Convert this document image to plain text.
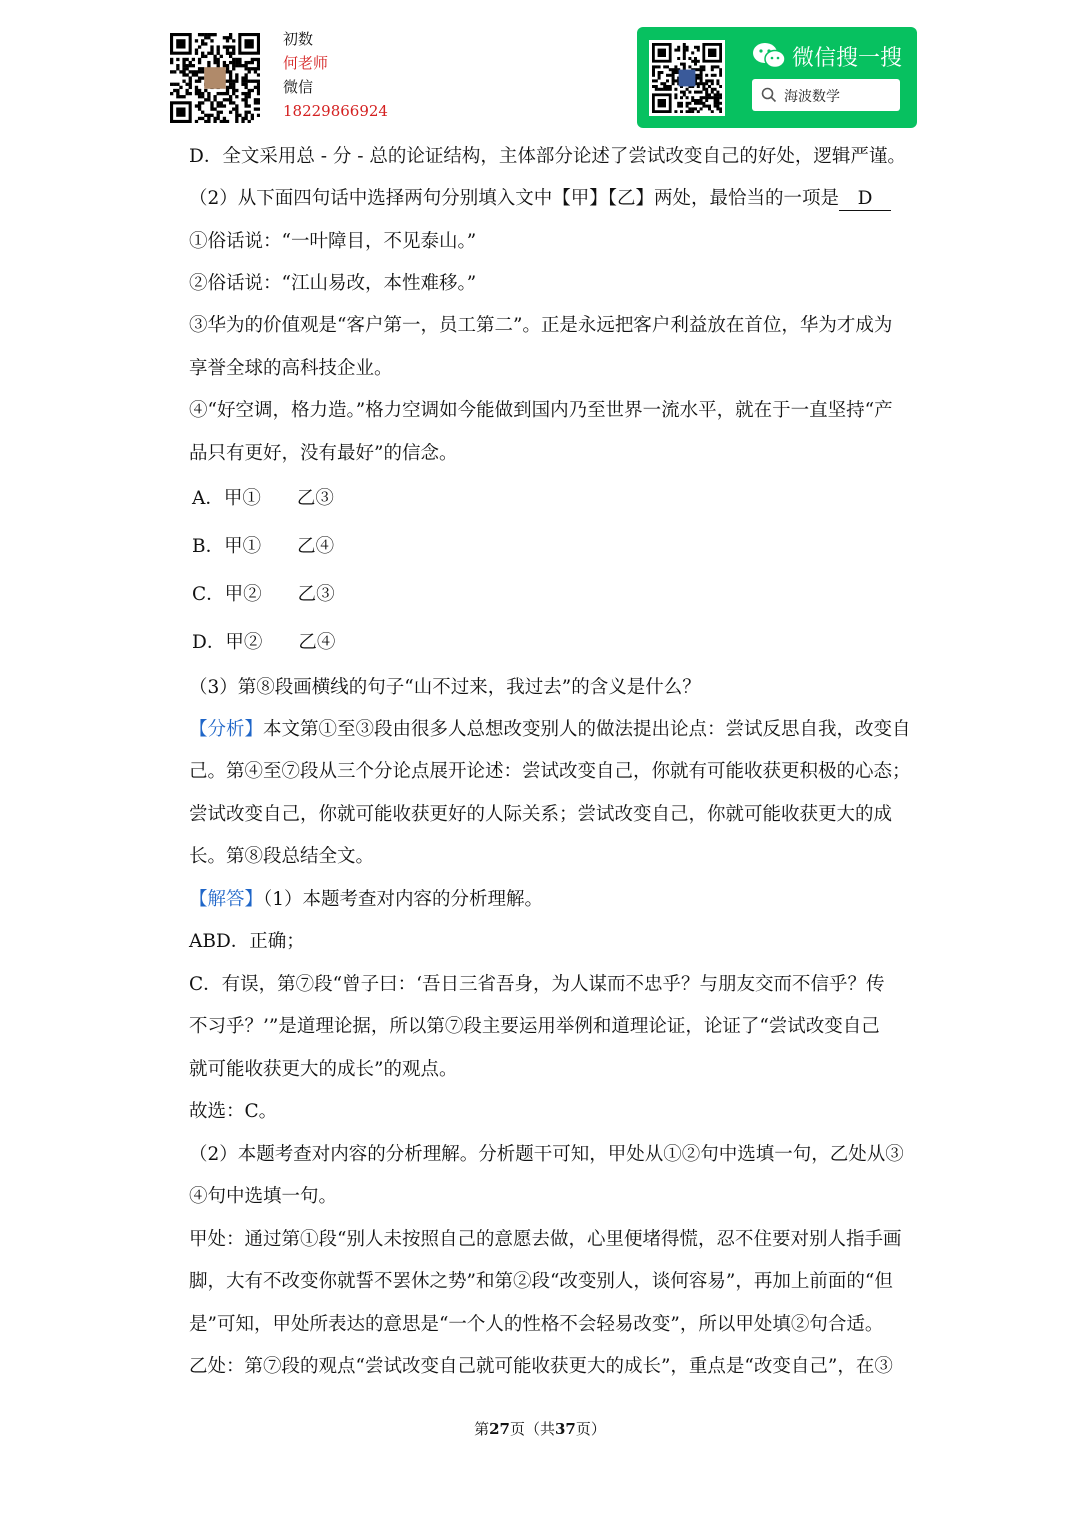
初数
何老师
微信
18229866924
微信搜一搜
海波数学
D．全文采用总 - 分 - 总的论证结构，主体部分论述了尝试改变自己的好处，逻辑严谨。
（2）从下面四句话中选择两句分别填入文中【甲】【乙】两处，最恰当的一项是 D
①俗话说：“一叶障目，不见泰山。”
②俗话说：“江山易改，本性难移。”
③华为的价值观是“客户第一，员工第二”。正是永远把客户利益放在首位，华为才成为
享誉全球的高科技企业。
④“好空调，格力造。”格力空调如今能做到国内乃至世界一流水平，就在于一直坚持“产
品只有更好，没有最好”的信念。
A．甲① 乙③
B．甲① 乙④
C．甲② 乙③
D．甲② 乙④
（3）第⑧段画横线的句子“山不过来，我过去”的含义是什么？
【分析】本文第①至③段由很多人总想改变别人的做法提出论点：尝试反思自我，改变自
己。第④至⑦段从三个分论点展开论述：尝试改变自己，你就有可能收获更积极的心态；
尝试改变自己，你就可能收获更好的人际关系；尝试改变自己，你就可能收获更大的成
长。第⑧段总结全文。
【解答】（1）本题考查对内容的分析理解。
ABD．正确；
C．有误，第⑦段“曾子曰：‘吾日三省吾身，为人谋而不忠乎？与朋友交而不信乎？传
不习乎？’”是道理论据，所以第⑦段主要运用举例和道理论证，论证了“尝试改变自己
就可能收获更大的成长”的观点。
故选：C。
（2）本题考查对内容的分析理解。分析题干可知，甲处从①②句中选填一句，乙处从③
④句中选填一句。
甲处：通过第①段“别人未按照自己的意愿去做，心里便堵得慌，忍不住要对别人指手画
脚，大有不改变你就誓不罢休之势”和第②段“改变别人，谈何容易”，再加上前面的“但
是”可知，甲处所表达的意思是“一个人的性格不会轻易改变”，所以甲处填②句合适。
乙处：第⑦段的观点“尝试改变自己就可能收获更大的成长”，重点是“改变自己”，在③
第27页（共37页）
